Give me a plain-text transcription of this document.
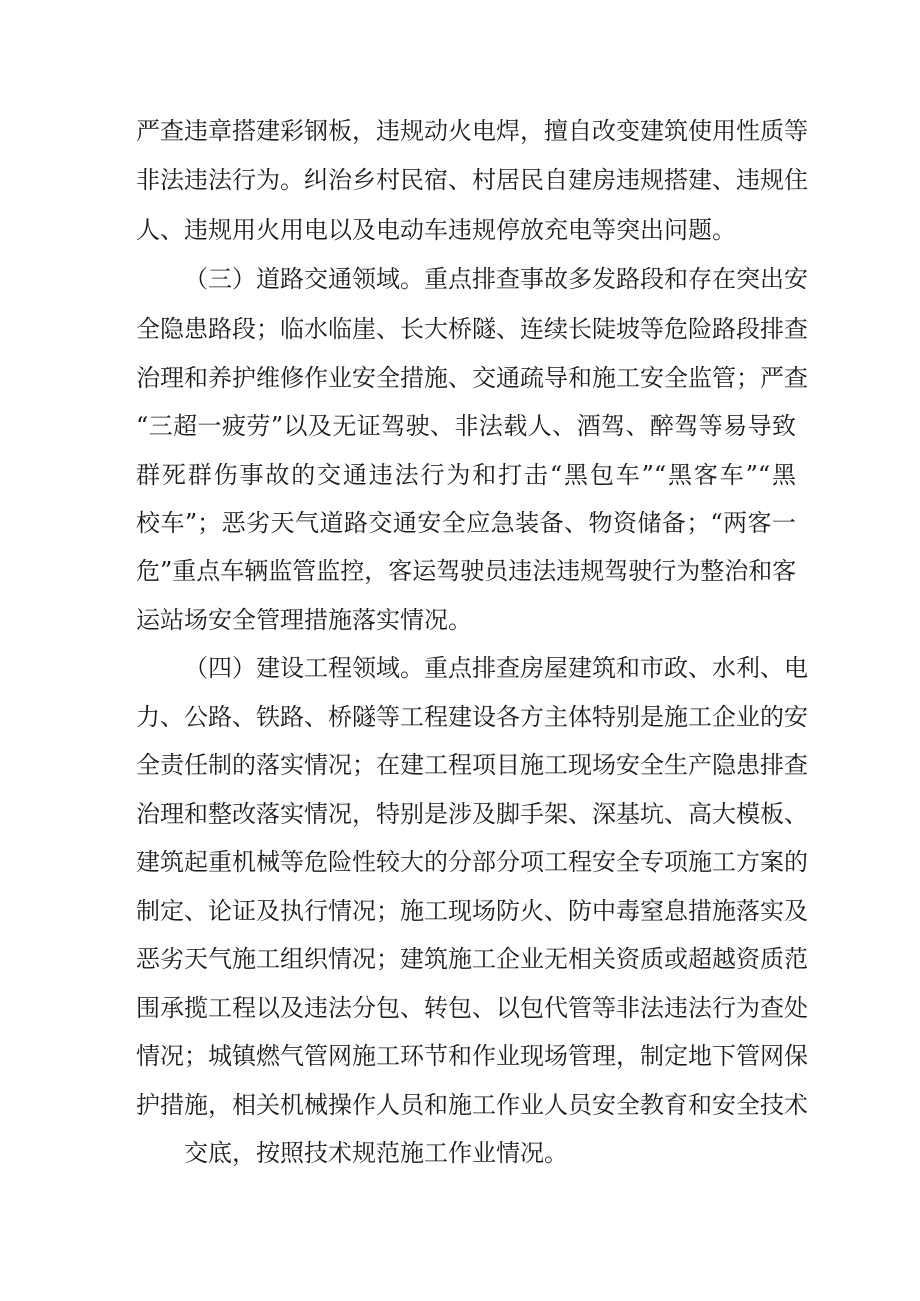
严查违章搭建彩钢板，违规动火电焊，擅自改变建筑使用性质等
非法违法行为。纠治乡村民宿、村居民自建房违规搭建、违规住
人、违规用火用电以及电动车违规停放充电等突出问题。
（三）道路交通领域。重点排查事故多发路段和存在突出安
全隐患路段；临水临崖、长大桥隧、连续长陡坡等危险路段排查
治理和养护维修作业安全措施、交通疏导和施工安全监管；严查
“三超一疲劳”以及无证驾驶、非法载人、酒驾、醉驾等易导致
群死群伤事故的交通违法行为和打击“黑包车”“黑客车”“黑
校车”；恶劣天气道路交通安全应急装备、物资储备；“两客一
危”重点车辆监管监控，客运驾驶员违法违规驾驶行为整治和客
运站场安全管理措施落实情况。
（四）建设工程领域。重点排查房屋建筑和市政、水利、电
力、公路、铁路、桥隧等工程建设各方主体特别是施工企业的安
全责任制的落实情况；在建工程项目施工现场安全生产隐患排查
治理和整改落实情况，特别是涉及脚手架、深基坑、高大模板、
建筑起重机械等危险性较大的分部分项工程安全专项施工方案的
制定、论证及执行情况；施工现场防火、防中毒窒息措施落实及
恶劣天气施工组织情况；建筑施工企业无相关资质或超越资质范
围承揽工程以及违法分包、转包、以包代管等非法违法行为查处
情况；城镇燃气管网施工环节和作业现场管理，制定地下管网保
护措施，相关机械操作人员和施工作业人员安全教育和安全技术
交底，按照技术规范施工作业情况。
